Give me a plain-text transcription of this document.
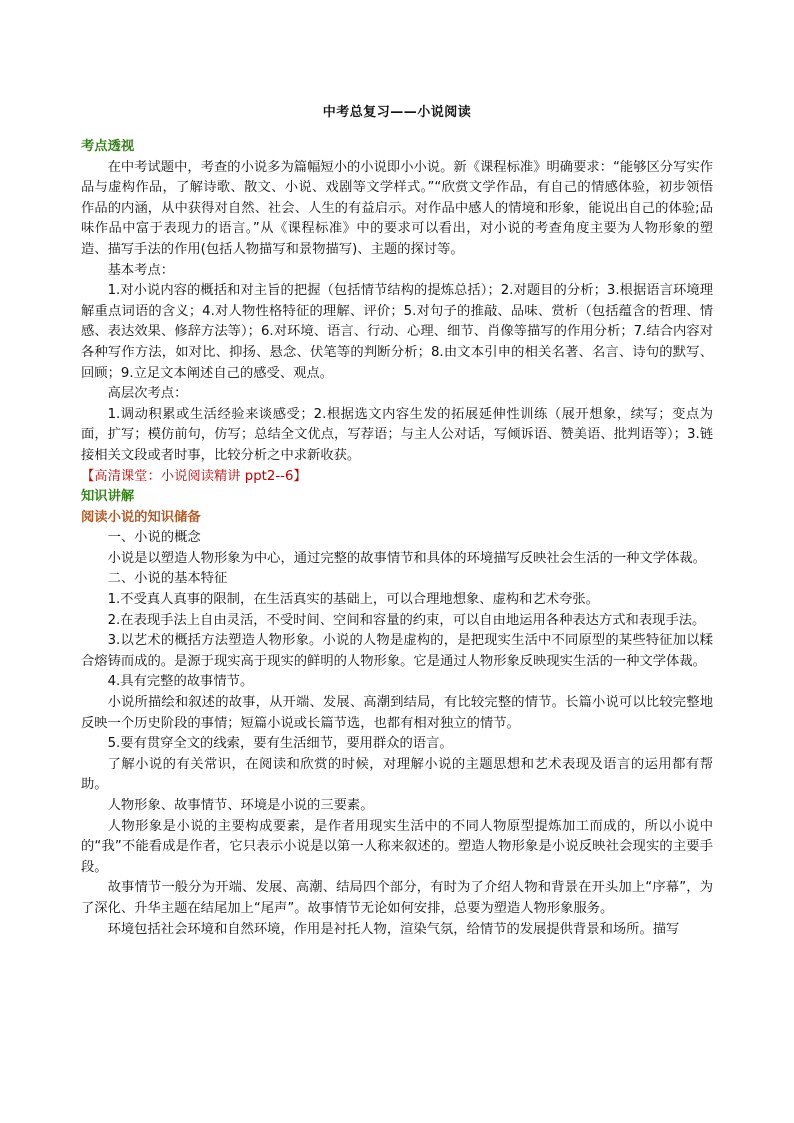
中考总复习——小说阅读

考点透视

在中考试题中，考查的小说多为篇幅短小的小说即小小说。新《课程标准》明确要求：“能够区分写实作品与虚构作品，了解诗歌、散文、小说、戏剧等文学样式。”“欣赏文学作品，有自己的情感体验，初步领悟作品的内涵，从中获得对自然、社会、人生的有益启示。对作品中感人的情境和形象，能说出自己的体验;品味作品中富于表现力的语言。”从《课程标准》中的要求可以看出，对小说的考查角度主要为人物形象的塑造、描写手法的作用(包括人物描写和景物描写)、主题的探讨等。

基本考点：

1.对小说内容的概括和对主旨的把握（包括情节结构的提炼总括）；2.对题目的分析；3.根据语言环境理解重点词语的含义；4.对人物性格特征的理解、评价；5.对句子的推敲、品味、赏析（包括蕴含的哲理、情感、表达效果、修辞方法等）；6.对环境、语言、行动、心理、细节、肖像等描写的作用分析；7.结合内容对各种写作方法，如对比、抑扬、悬念、伏笔等的判断分析；8.由文本引申的相关名著、名言、诗句的默写、回顾；9.立足文本阐述自己的感受、观点。

高层次考点：

1.调动积累或生活经验来谈感受；2.根据选文内容生发的拓展延伸性训练（展开想象，续写；变点为面，扩写；模仿前句，仿写；总结全文优点，写荐语；与主人公对话，写倾诉语、赞美语、批判语等）；3.链接相关文段或者时事，比较分析之中求新收获。

【高清课堂：小说阅读精讲 ppt2--6】

知识讲解

阅读小说的知识储备

一、小说的概念

小说是以塑造人物形象为中心，通过完整的故事情节和具体的环境描写反映社会生活的一种文学体裁。

二、小说的基本特征

1.不受真人真事的限制，在生活真实的基础上，可以合理地想象、虚构和艺术夸张。

2.在表现手法上自由灵活，不受时间、空间和容量的约束，可以自由地运用各种表达方式和表现手法。

3.以艺术的概括方法塑造人物形象。小说的人物是虚构的，是把现实生活中不同原型的某些特征加以糅合熔铸而成的。是源于现实高于现实的鲜明的人物形象。它是通过人物形象反映现实生活的一种文学体裁。

4.具有完整的故事情节。

小说所描绘和叙述的故事，从开端、发展、高潮到结局，有比较完整的情节。长篇小说可以比较完整地反映一个历史阶段的事情；短篇小说或长篇节选，也都有相对独立的情节。

5.要有贯穿全文的线索，要有生活细节，要用群众的语言。

了解小说的有关常识，在阅读和欣赏的时候，对理解小说的主题思想和艺术表现及语言的运用都有帮助。

人物形象、故事情节、环境是小说的三要素。

人物形象是小说的主要构成要素，是作者用现实生活中的不同人物原型提炼加工而成的，所以小说中的“我”不能看成是作者，它只表示小说是以第一人称来叙述的。塑造人物形象是小说反映社会现实的主要手段。

故事情节一般分为开端、发展、高潮、结局四个部分，有时为了介绍人物和背景在开头加上“序幕”，为了深化、升华主题在结尾加上“尾声”。故事情节无论如何安排，总要为塑造人物形象服务。

环境包括社会环境和自然环境，作用是衬托人物，渲染气氛，给情节的发展提供背景和场所。描写
